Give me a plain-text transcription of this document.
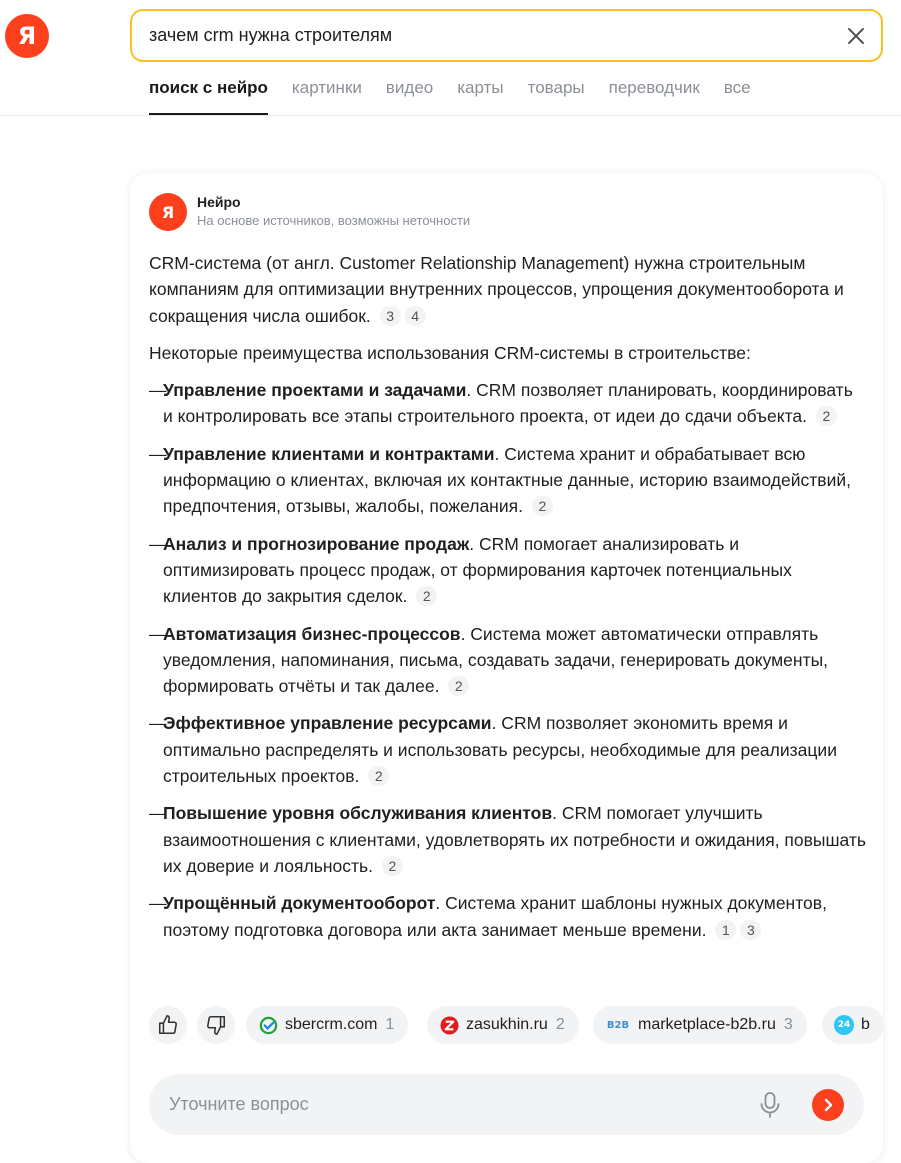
Я
зачем crm нужна строителям
поиск с нейро картинки видео карты товары переводчик все
Я
Нейро
На основе источников, возможны неточности

CRM-система (от англ. Customer Relationship Management) нужна строительным компаниям для оптимизации внутренних процессов, упрощения документооборота и сокращения числа ошибок. 3 4

Некоторые преимущества использования CRM-системы в строительстве:

—
Управление проектами и задачами. CRM позволяет планировать, координировать и контролировать все этапы строительного проекта, от идеи до сдачи объекта. 2
—
Управление клиентами и контрактами. Система хранит и обрабатывает всю информацию о клиентах, включая их контактные данные, историю взаимодействий, предпочтения, отзывы, жалобы, пожелания. 2
—
Анализ и прогнозирование продаж. CRM помогает анализировать и оптимизировать процесс продаж, от формирования карточек потенциальных клиентов до закрытия сделок. 2
—
Автоматизация бизнес-процессов. Система может автоматически отправлять уведомления, напоминания, письма, создавать задачи, генерировать документы, формировать отчёты и так далее. 2
—
Эффективное управление ресурсами. CRM позволяет экономить время и оптимально распределять и использовать ресурсы, необходимые для реализации строительных проектов. 2
—
Повышение уровня обслуживания клиентов. CRM помогает улучшить взаимоотношения с клиентами, удовлетворять их потребности и ожидания, повышать их доверие и лояльность. 2
—
Упрощённый документооборот. Система хранит шаблоны нужных документов, поэтому подготовка договора или акта занимает меньше времени. 1 3
sbercrm.com 1	zasukhin.ru 2	B2B marketplace-b2b.ru 3	24 b
Уточните вопрос
